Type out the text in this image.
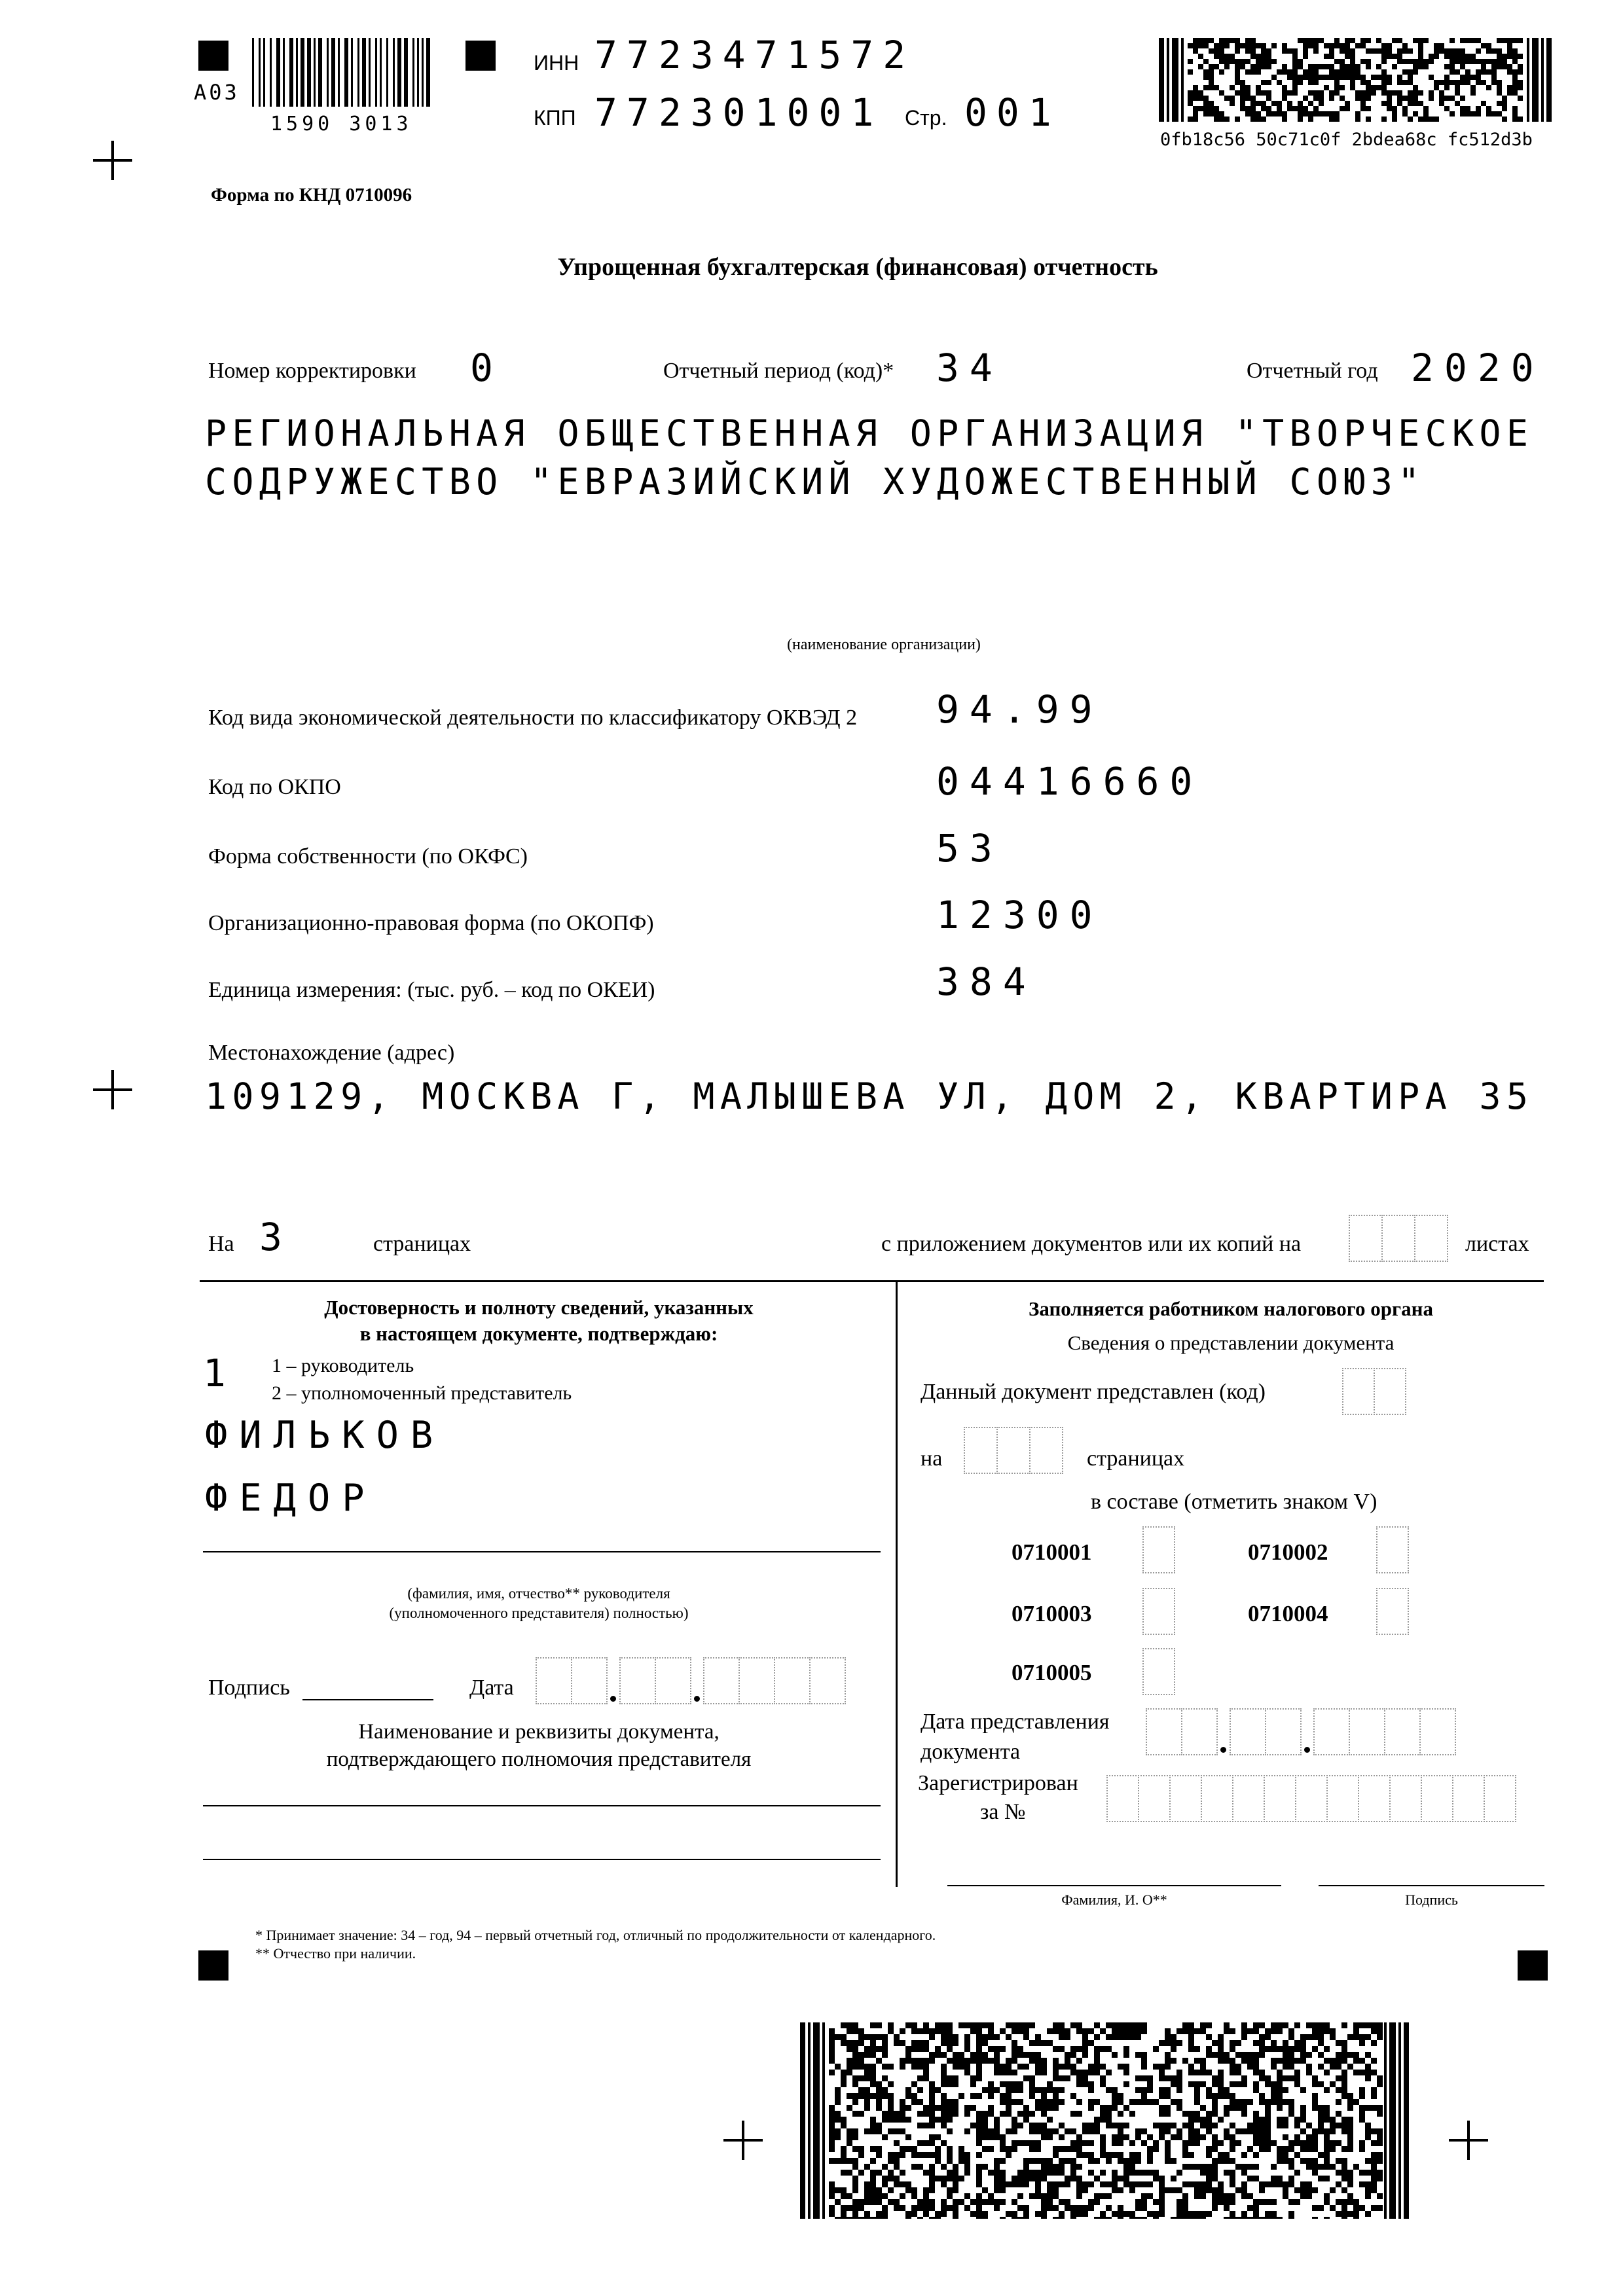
A03
1590 3013
ИНН 7723471572
КПП 772301001 Стр. 001
0fb18c56 50c71c0f 2bdea68c fc512d3b
Форма по КНД 0710096
Упрощенная бухгалтерская (финансовая) отчетность
Номер корректировки 0	Отчетный период (код)* 34	Отчетный год 2020
РЕГИОНАЛЬНАЯ ОБЩЕСТВЕННАЯ ОРГАНИЗАЦИЯ "ТВОРЧЕСКОЕ
СОДРУЖЕСТВО "ЕВРАЗИЙСКИЙ ХУДОЖЕСТВЕННЫЙ СОЮЗ"
(наименование организации)
Код вида экономической деятельности по классификатору ОКВЭД 2 94.99
Код по ОКПО	04416660
Форма собственности (по ОКФС)	53
Организационно-правовая форма (по ОКОПФ)	12300
Единица измерения: (тыс. руб. – код по ОКЕИ)	384
Местонахождение (адрес)
109129, МОСКВА Г, МАЛЫШЕВА УЛ, ДОМ 2, КВАРТИРА 35
На 3	страницах	с приложением документов или их копий на	листах
Достоверность и полноту сведений, указанных
в настоящем документе, подтверждаю:
1 1 – руководитель
2 – уполномоченный представитель
ФИЛЬКОВ
ФЕДОР
(фамилия, имя, отчество** руководителя
(уполномоченного представителя) полностью)
Подпись	Дата
Наименование и реквизиты документа,
подтверждающего полномочия представителя
Заполняется работником налогового органа
Сведения о представлении документа
Данный документ представлен (код)
на	страницах
в составе (отметить знаком V)
0710001	0710002
0710003	0710004
0710005
Дата представления
документа
Зарегистрирован
за №
Фамилия, И. О**	Подпись
* Принимает значение: 34 – год, 94 – первый отчетный год, отличный по продолжительности от календарного.
** Отчество при наличии.
